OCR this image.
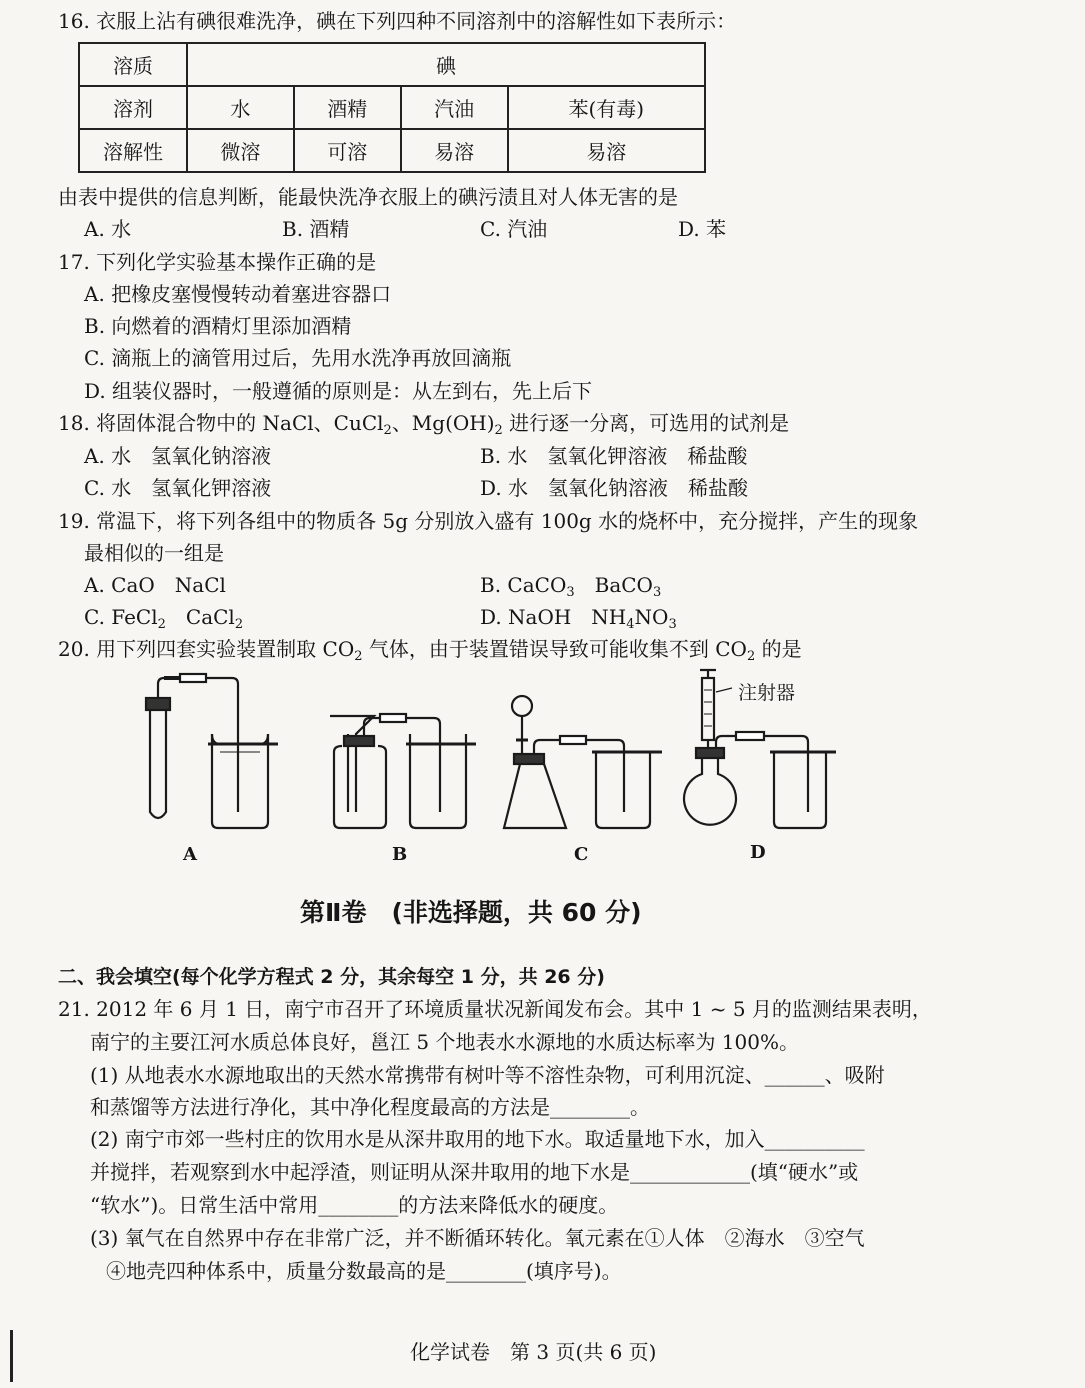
16. 衣服上沾有碘很难洗净，碘在下列四种不同溶剂中的溶解性如下表所示：
溶质	碘			
溶剂	水	酒精	汽油	苯(有毒)
溶解性	微溶	可溶	易溶	易溶
由表中提供的信息判断，能最快洗净衣服上的碘污渍且对人体无害的是
A. 水	B. 酒精	C. 汽油	D. 苯
17. 下列化学实验基本操作正确的是
A. 把橡皮塞慢慢转动着塞进容器口
B. 向燃着的酒精灯里添加酒精
C. 滴瓶上的滴管用过后，先用水洗净再放回滴瓶
D. 组装仪器时，一般遵循的原则是：从左到右，先上后下
18. 将固体混合物中的 NaCl、CuCl$_2$、$Mg(OH)_2$ 进行逐一分离，可选用的试剂是
A. 水　氢氧化钠溶液	B. 水　氢氧化钾溶液　稀盐酸
C. 水　氢氧化钾溶液	D. 水　氢氧化钠溶液　稀盐酸
19. 常温下，将下列各组中的物质各 5g 分别放入盛有 100g 水的烧杯中，充分搅拌，产生的现象
最相似的一组是
A. CaO　NaCl	B. CaCO$_3$　BaCO$_3$
C. FeCl$_2$　CaCl$_2$	D. NaOH　$NH_4NO_3$
20. 用下列四套实验装置制取 $CO_2$ 气体，由于装置错误导致可能收集不到 $CO_2$ 的是
注射器
A	B	C	D
第Ⅱ卷　(非选择题，共 60 分)
二、我会填空(每个化学方程式 2 分，其余每空 1 分，共 26 分)
21. 2012 年 6 月 1 日，南宁市召开了环境质量状况新闻发布会。其中 1 ~ 5 月的监测结果表明，
南宁的主要江河水质总体良好，邕江 5 个地表水水源地的水质达标率为 100%。
(1) 从地表水水源地取出的天然水常携带有树叶等不溶性杂物，可利用沉淀、______、吸附
和蒸馏等方法进行净化，其中净化程度最高的方法是________。
(2) 南宁市郊一些村庄的饮用水是从深井取用的地下水。取适量地下水，加入__________
并搅拌，若观察到水中起浮渣，则证明从深井取用的地下水是____________(填“硬水”或
“软水”)。日常生活中常用________的方法来降低水的硬度。
(3) 氧气在自然界中存在非常广泛，并不断循环转化。氧元素在①人体　②海水　③空气
④地壳四种体系中，质量分数最高的是________(填序号)。
化学试卷　第 3 页(共 6 页)
